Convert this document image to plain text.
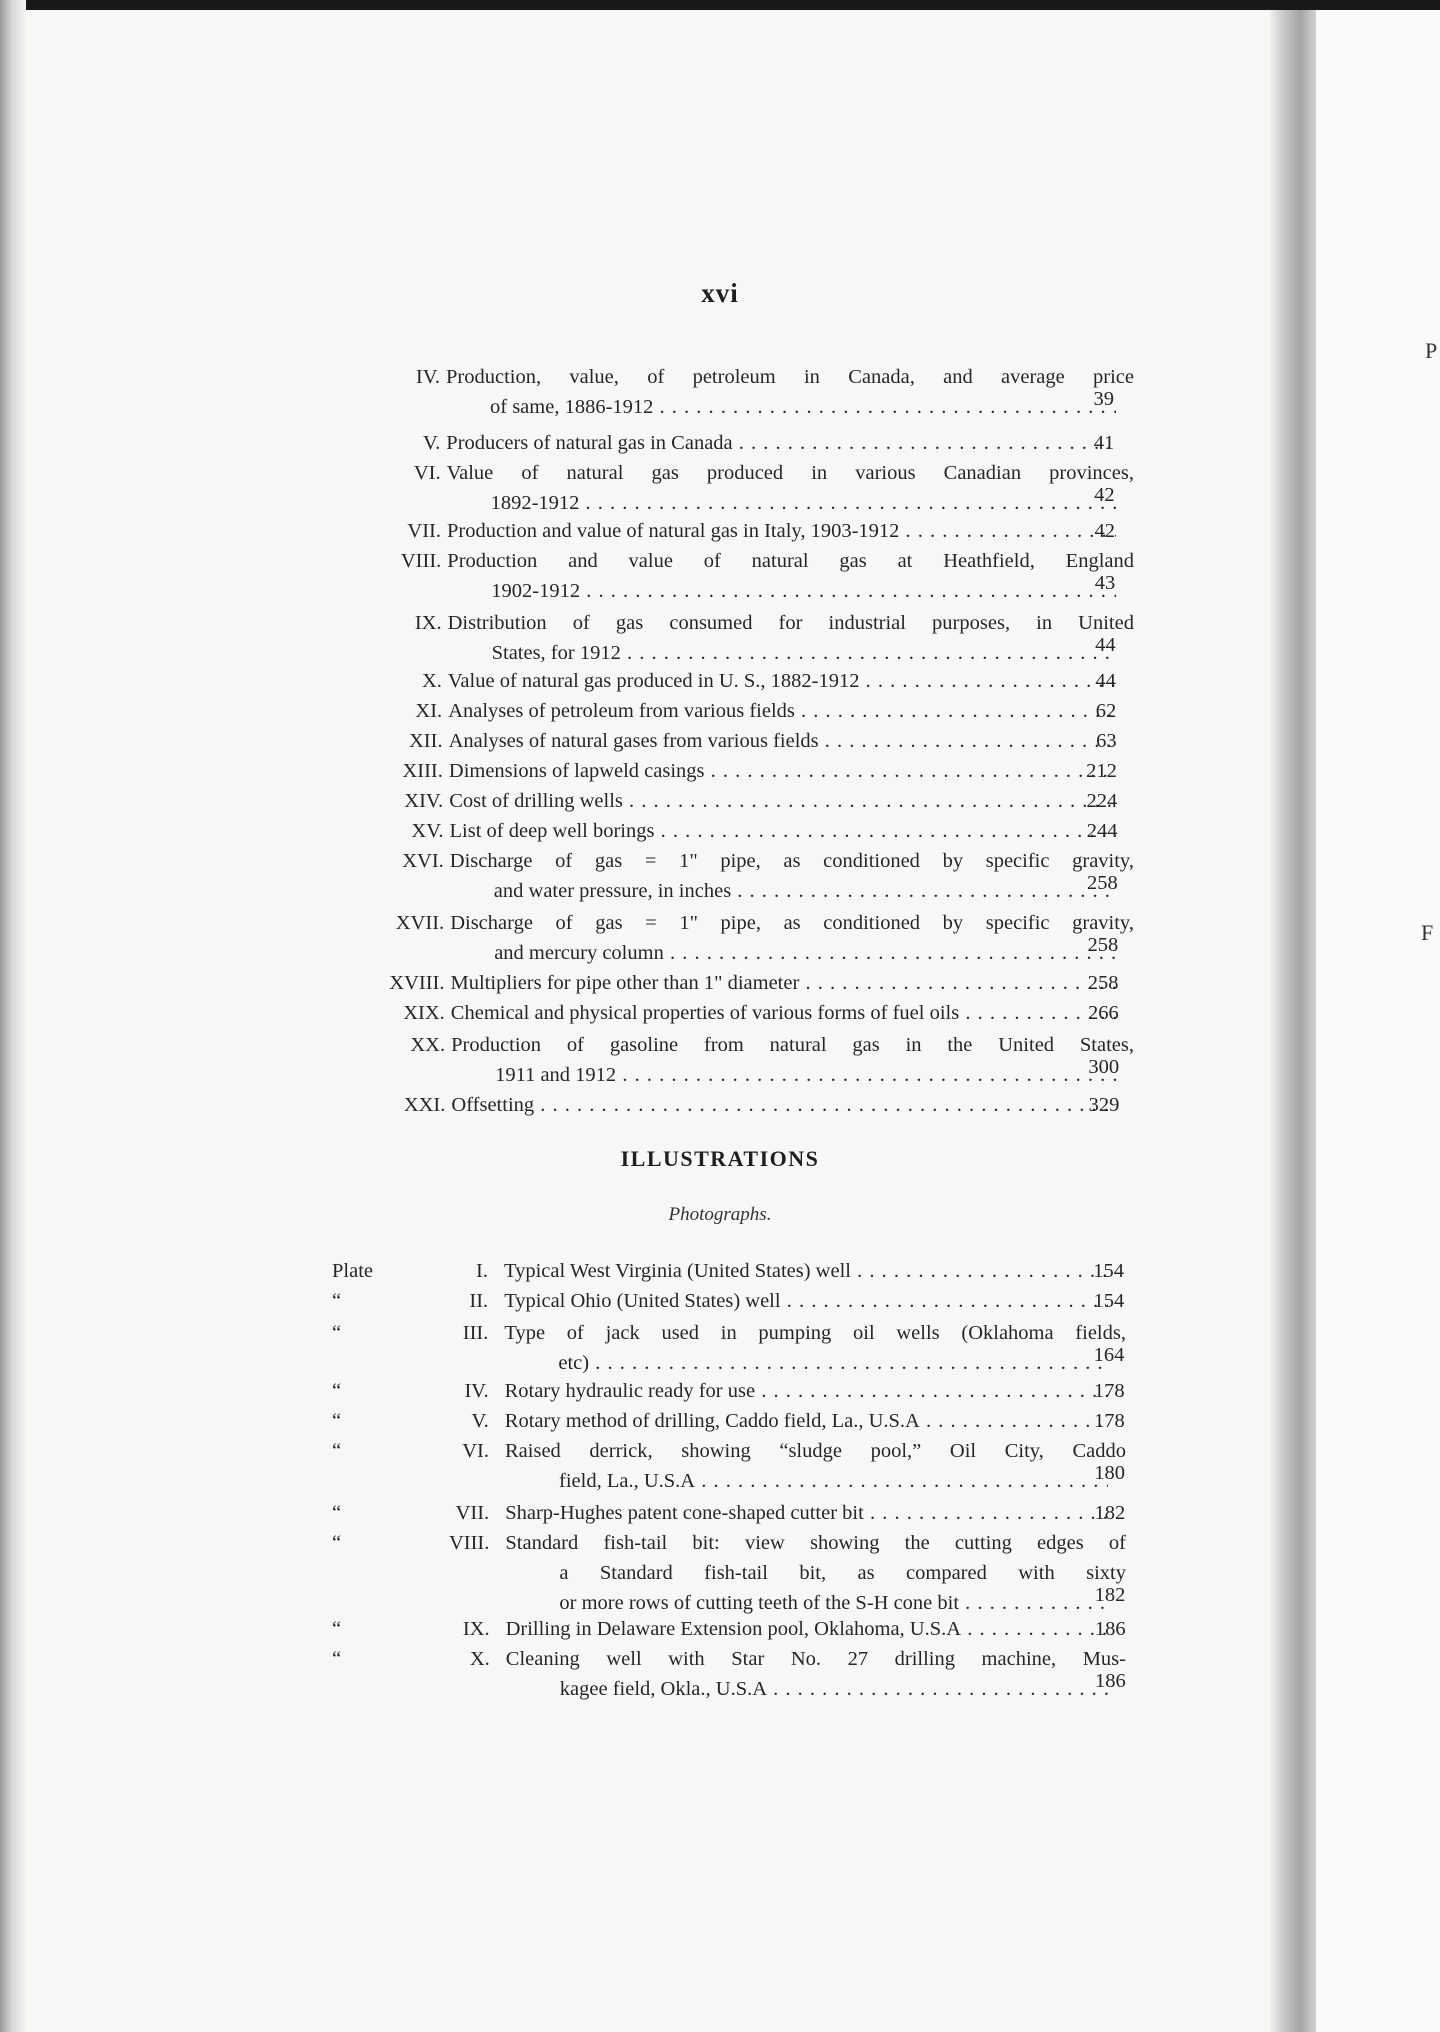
P
F
xvi
IV. Production, value, of petroleum in Canada, and average price
of same, 1886-1912 . . .	39
V. Producers of natural gas in Canada . . .	41
VI. Value of natural gas produced in various Canadian provinces,
1892-1912 . . .	42
VII. Production and value of natural gas in Italy, 1903-1912 . . .	42
VIII. Production and value of natural gas at Heathfield, England
1902-1912 . . .	43
IX. Distribution of gas consumed for industrial purposes, in United
States, for 1912 . . .	44
X. Value of natural gas produced in U. S., 1882-1912 . . .	44
XI. Analyses of petroleum from various fields . . .	62
XII. Analyses of natural gases from various fields . . .	63
XIII. Dimensions of lapweld casings . . .	212
XIV. Cost of drilling wells . . .	224
XV. List of deep well borings . . .	244
XVI. Discharge of gas = 1" pipe, as conditioned by specific gravity,
and water pressure, in inches . . .	258
XVII. Discharge of gas = 1" pipe, as conditioned by specific gravity,
and mercury column . . .	258
XVIII. Multipliers for pipe other than 1" diameter . . .	258
XIX. Chemical and physical properties of various forms of fuel oils . . .	266
XX. Production of gasoline from natural gas in the United States,
1911 and 1912 . . .	300
XXI. Offsetting . . .	329
ILLUSTRATIONS
Photographs.
Plate	I. Typical West Virginia (United States) well . . .	154
“	II. Typical Ohio (United States) well . . .	154
“	III. Type of jack used in pumping oil wells (Oklahoma fields,
etc) . . .	164
“	IV. Rotary hydraulic ready for use . . .	178
“	V. Rotary method of drilling, Caddo field, La., U.S.A . . .	178
“	VI. Raised derrick, showing “sludge pool,” Oil City, Caddo
field, La., U.S.A . . .	180
“	VII. Sharp-Hughes patent cone-shaped cutter bit . . .	182
“	VIII. Standard fish-tail bit: view showing the cutting edges of
a Standard fish-tail bit, as compared with sixty
or more rows of cutting teeth of the S-H cone bit . . .	182
“	IX. Drilling in Delaware Extension pool, Oklahoma, U.S.A . . .	186
“	X. Cleaning well with Star No. 27 drilling machine, Mus-
kagee field, Okla., U.S.A . . .	186
